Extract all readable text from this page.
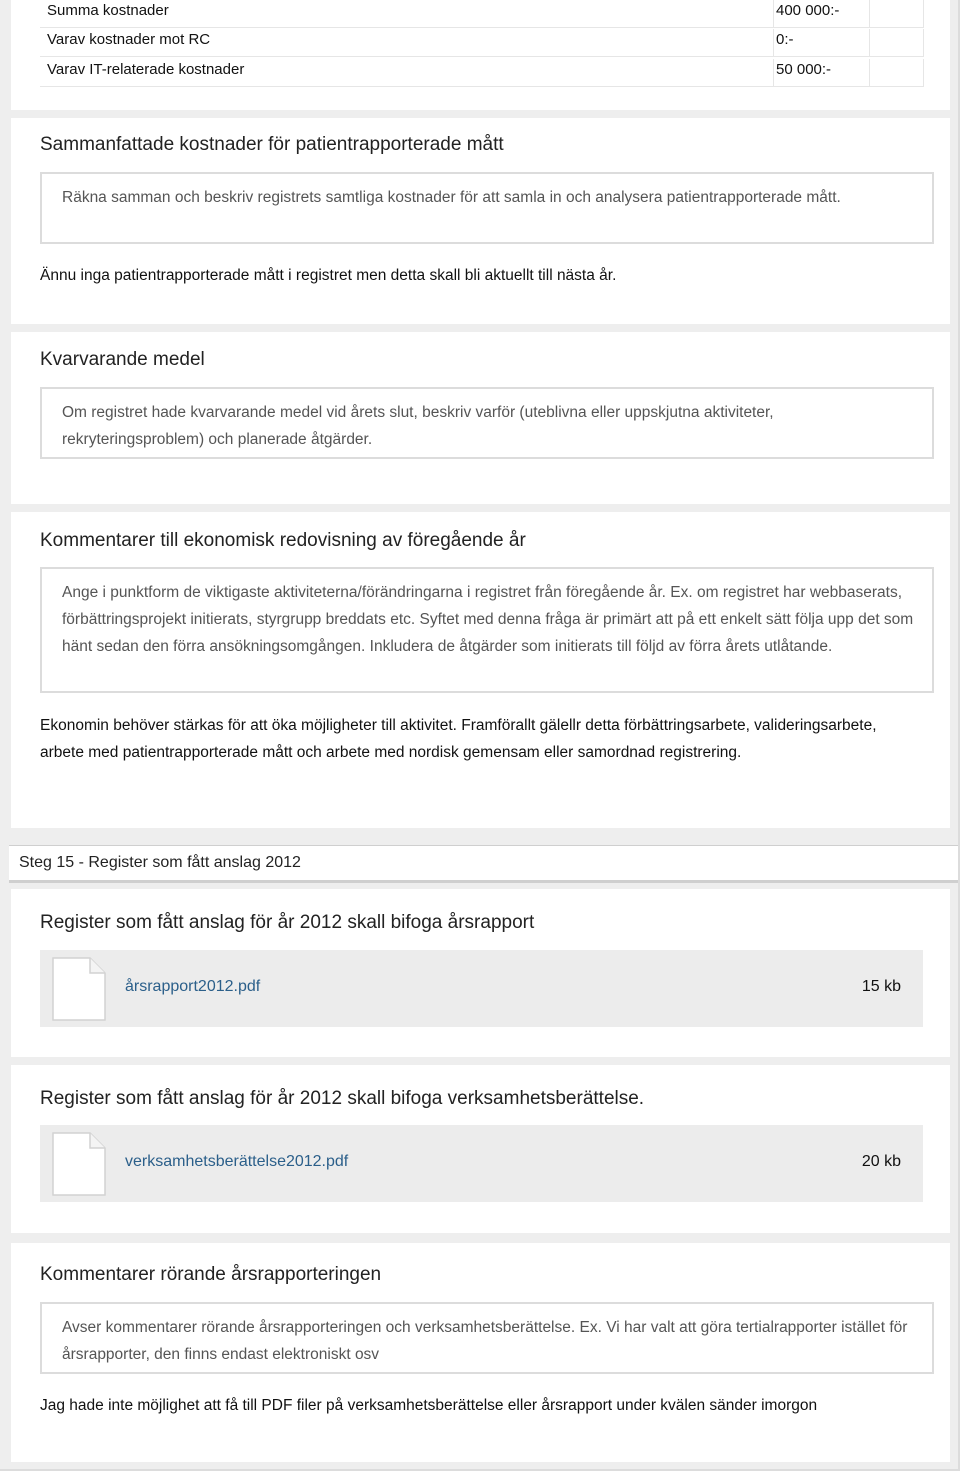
Summa kostnader	400 000:-
Varav kostnader mot RC	0:-
Varav IT-relaterade kostnader	50 000:-
Sammanfattade kostnader för patientrapporterade mått
Räkna samman och beskriv registrets samtliga kostnader för att samla in och analysera patientrapporterade mått.
Ännu inga patientrapporterade mått i registret men detta skall bli aktuellt till nästa år.
Kvarvarande medel
Om registret hade kvarvarande medel vid årets slut, beskriv varför (uteblivna eller uppskjutna aktiviteter, rekryteringsproblem) och planerade åtgärder.
Kommentarer till ekonomisk redovisning av föregående år
Ange i punktform de viktigaste aktiviteterna/förändringarna i registret från föregående år. Ex. om registret har webbaserats, förbättringsprojekt initierats, styrgrupp breddats etc. Syftet med denna fråga är primärt att på ett enkelt sätt följa upp det som hänt sedan den förra ansökningsomgången. Inkludera de åtgärder som initierats till följd av förra årets utlåtande.
Ekonomin behöver stärkas för att öka möjligheter till aktivitet. Framförallt gälellr detta förbättringsarbete, valideringsarbete, arbete med patientrapporterade mått och arbete med nordisk gemensam eller samordnad registrering.
Steg 15 - Register som fått anslag 2012
Register som fått anslag för år 2012 skall bifoga årsrapport
årsrapport2012.pdf	15 kb
Register som fått anslag för år 2012 skall bifoga verksamhetsberättelse.
verksamhetsberättelse2012.pdf	20 kb
Kommentarer rörande årsrapporteringen
Avser kommentarer rörande årsrapporteringen och verksamhetsberättelse. Ex. Vi har valt att göra tertialrapporter istället för årsrapporter, den finns endast elektroniskt osv
Jag hade inte möjlighet att få till PDF filer på verksamhetsberättelse eller årsrapport under kvälen sänder imorgon
